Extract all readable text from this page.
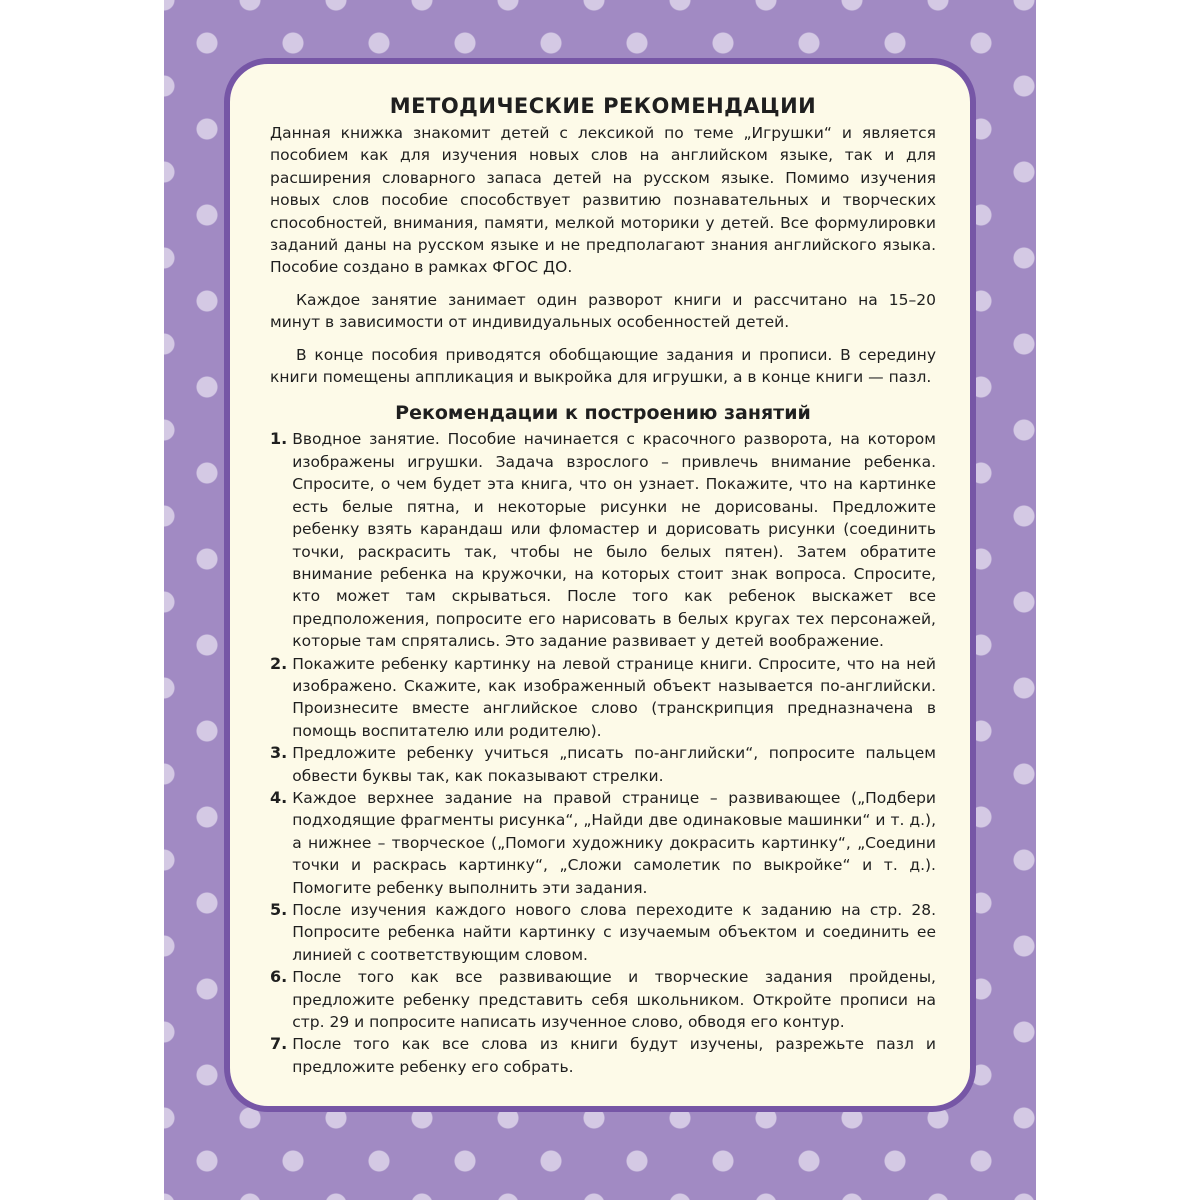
МЕТОДИЧЕСКИЕ РЕКОМЕНДАЦИИ

Данная книжка знакомит детей с лексикой по теме „Игрушки“ и является пособием как для изучения новых слов на английском языке, так и для расширения словарного запаса детей на русском языке. Помимо изучения новых слов пособие способствует развитию познавательных и творческих способностей, внимания, памяти, мелкой моторики у детей. Все формулировки заданий даны на русском языке и не предполагают знания английского языка. Пособие создано в рамках ФГОС ДО.

Каждое занятие занимает один разворот книги и рассчитано на 15–20 минут в зависимости от индивидуальных особенностей детей.

В конце пособия приводятся обобщающие задания и прописи. В середину книги помещены аппликация и выкройка для игрушки, а в конце книги — пазл.

Рекомендации к построению занятий
1. Вводное занятие. Пособие начинается с красочного разворота, на котором изображены игрушки. Задача взрослого – привлечь внимание ребенка. Спросите, о чем будет эта книга, что он узнает. Покажите, что на картинке есть белые пятна, и некоторые рисунки не дорисованы. Предложите ребенку взять карандаш или фломастер и дорисовать рисунки (соединить точки, раскрасить так, чтобы не было белых пятен). Затем обратите внимание ребенка на кружочки, на которых стоит знак вопроса. Спросите, кто может там скрываться. После того как ребенок выскажет все предположения, попросите его нарисовать в белых кругах тех персонажей, которые там спрятались. Это задание развивает у детей воображение.
2. Покажите ребенку картинку на левой странице книги. Спросите, что на ней изображено. Скажите, как изображенный объект называется по-английски. Произнесите вместе английское слово (транскрипция предназначена в помощь воспитателю или родителю).
3. Предложите ребенку учиться „писать по-английски“, попросите пальцем обвести буквы так, как показывают стрелки.
4. Каждое верхнее задание на правой странице – развивающее („Подбери подходящие фрагменты рисунка“, „Найди две одинаковые машинки“ и т. д.), а нижнее – творческое („Помоги художнику докрасить картинку“, „Соедини точки и раскрась картинку“, „Сложи самолетик по выкройке“ и т. д.). Помогите ребенку выполнить эти задания.
5. После изучения каждого нового слова переходите к заданию на стр. 28. Попросите ребенка найти картинку с изучаемым объектом и соединить ее линией с соответствующим словом.
6. После того как все развивающие и творческие задания пройдены, предложите ребенку представить себя школьником. Откройте прописи на стр. 29 и попросите написать изученное слово, обводя его контур.
7. После того как все слова из книги будут изучены, разрежьте пазл и предложите ребенку его собрать.
